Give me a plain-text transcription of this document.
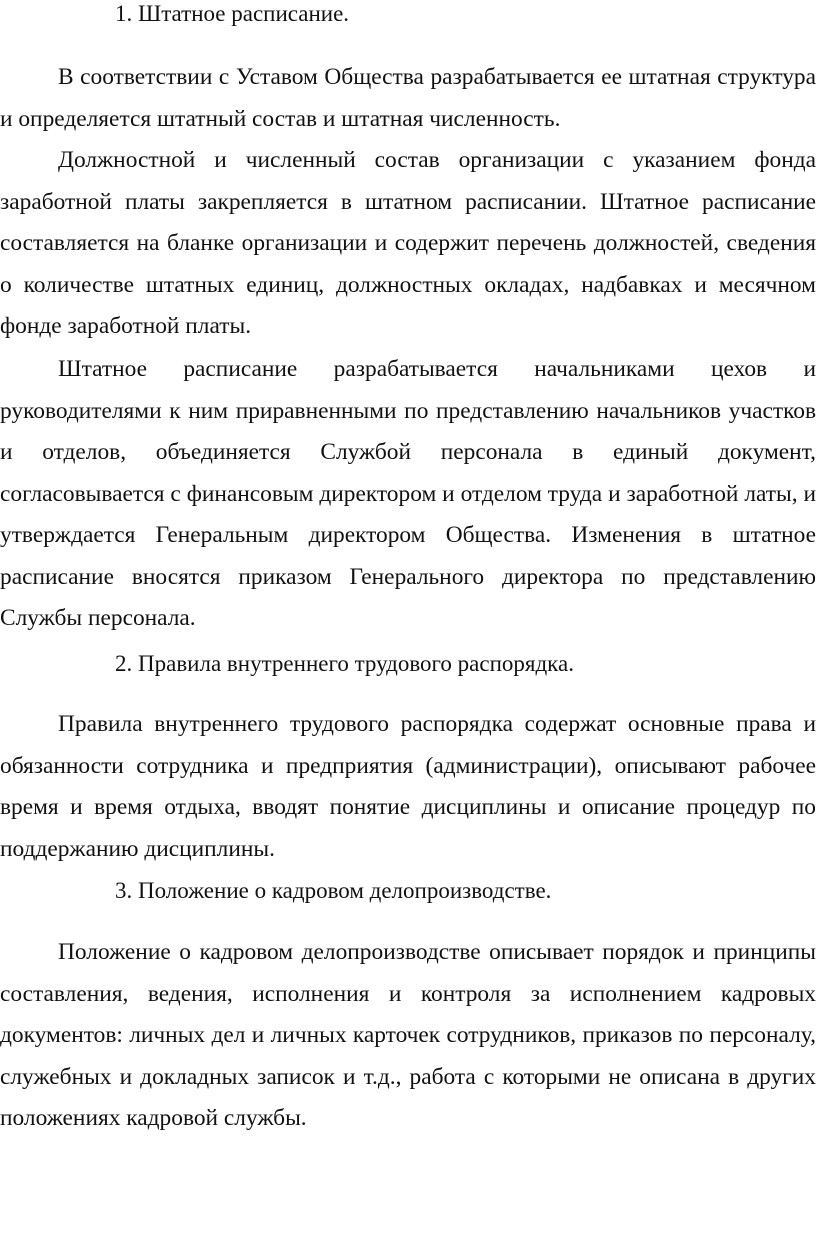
1. Штатное расписание.

В соответствии с Уставом Общества разрабатывается ее штатная структура и определяется штатный состав и штатная численность.

Должностной и численный состав организации с указанием фонда заработной платы закрепляется в штатном расписании. Штатное расписание составляется на бланке организации и содержит перечень должностей, сведения о количестве штатных единиц, должностных окладах, надбавках и месячном фонде заработной платы.

Штатное расписание разрабатывается начальниками цехов и руководителями к ним приравненными по представлению начальников участков и отделов, объединяется Службой персонала в единый документ, согласовывается с финансовым директором и отделом труда и заработной латы, и утверждается Генеральным директором Общества. Изменения в штатное расписание вносятся приказом Генерального директора по представлению Службы персонала.

2. Правила внутреннего трудового распорядка.

Правила внутреннего трудового распорядка содержат основные права и обязанности сотрудника и предприятия (администрации), описывают рабочее время и время отдыха, вводят понятие дисциплины и описание процедур по поддержанию дисциплины.

3. Положение о кадровом делопроизводстве.

Положение о кадровом делопроизводстве описывает порядок и принципы составления, ведения, исполнения и контроля за исполнением кадровых документов: личных дел и личных карточек сотрудников, приказов по персоналу, служебных и докладных записок и т.д., работа с которыми не описана в других положениях кадровой службы.
